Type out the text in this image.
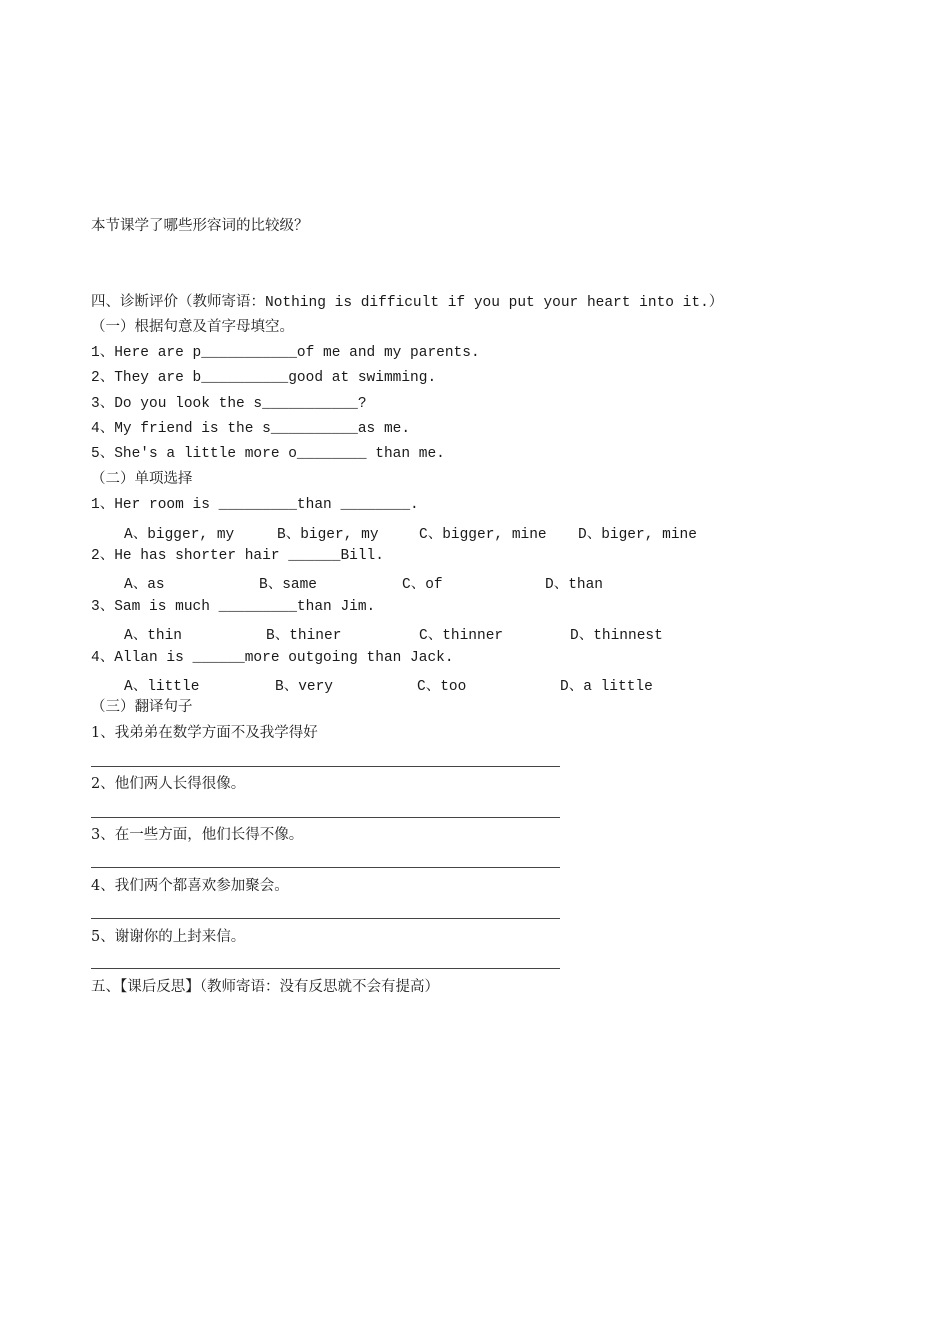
本节课学了哪些形容词的比较级？
四、诊断评价（教师寄语：Nothing is difficult if you put your heart into it.）
（一）根据句意及首字母填空。
1、Here are p___________of me and my parents.
2、They are b__________good at swimming.
3、Do you look the s___________?
4、My friend is the s__________as me.
5、She's a little more o________ than me.
（二）单项选择
1、Her room is _________than ________.
A、bigger, my	B、biger, my	C、bigger, mine D、biger, mine
2、He has shorter hair ______Bill.
A、as	B、same	C、of	D、than
3、Sam is much _________than Jim.
A、thin	B、thiner	C、thinner	D、thinnest
4、Allan is ______more outgoing than Jack.
A、little	B、very	C、too	D、a little
（三）翻译句子
1、我弟弟在数学方面不及我学得好
2、他们两人长得很像。
3、在一些方面，他们长得不像。
4、我们两个都喜欢参加聚会。
5、谢谢你的上封来信。
五、【课后反思】（教师寄语：没有反思就不会有提高）
